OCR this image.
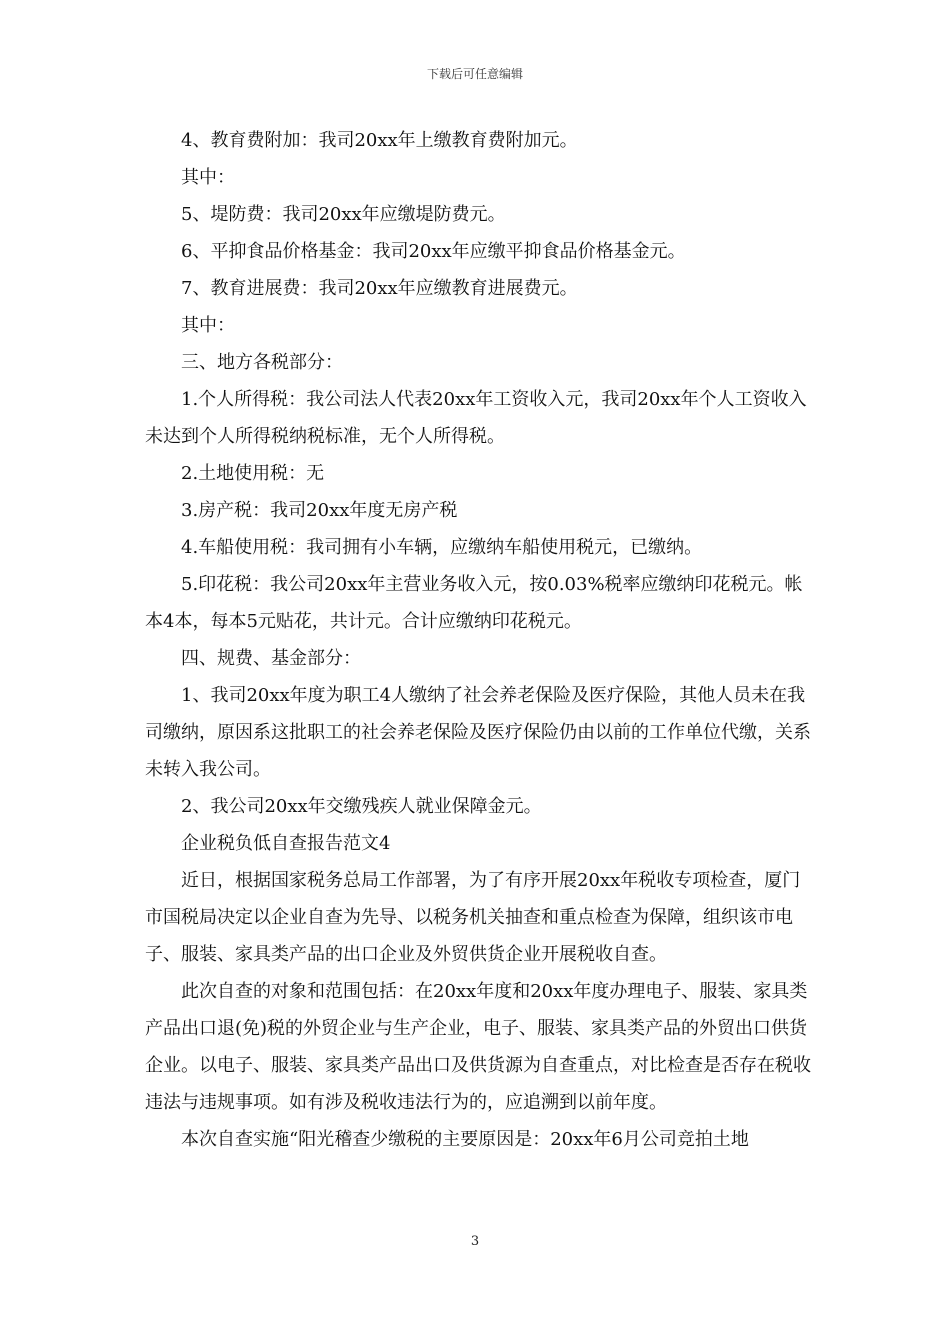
下载后可任意编辑

4、教育费附加：我司20xx年上缴教育费附加元。

其中：

5、堤防费：我司20xx年应缴堤防费元。

6、平抑食品价格基金：我司20xx年应缴平抑食品价格基金元。

7、教育进展费：我司20xx年应缴教育进展费元。

其中：

三、地方各税部分：

1.个人所得税：我公司法人代表20xx年工资收入元，我司20xx年个人工资收入未达到个人所得税纳税标准，无个人所得税。

2.土地使用税：无

3.房产税：我司20xx年度无房产税

4.车船使用税：我司拥有小车辆，应缴纳车船使用税元，已缴纳。

5.印花税：我公司20xx年主营业务收入元，按0.03%税率应缴纳印花税元。帐本4本，每本5元贴花，共计元。合计应缴纳印花税元。

四、规费、基金部分：

1、我司20xx年度为职工4人缴纳了社会养老保险及医疗保险，其他人员未在我司缴纳，原因系这批职工的社会养老保险及医疗保险仍由以前的工作单位代缴，关系未转入我公司。

2、我公司20xx年交缴残疾人就业保障金元。

企业税负低自查报告范文4

近日，根据国家税务总局工作部署，为了有序开展20xx年税收专项检查，厦门市国税局决定以企业自查为先导、以税务机关抽查和重点检查为保障，组织该市电子、服装、家具类产品的出口企业及外贸供货企业开展税收自查。

此次自查的对象和范围包括：在20xx年度和20xx年度办理电子、服装、家具类产品出口退(免)税的外贸企业与生产企业，电子、服装、家具类产品的外贸出口供货企业。以电子、服装、家具类产品出口及供货源为自查重点，对比检查是否存在税收违法与违规事项。如有涉及税收违法行为的，应追溯到以前年度。

本次自查实施“阳光稽查少缴税的主要原因是：20xx年6月公司竞拍土地

3
